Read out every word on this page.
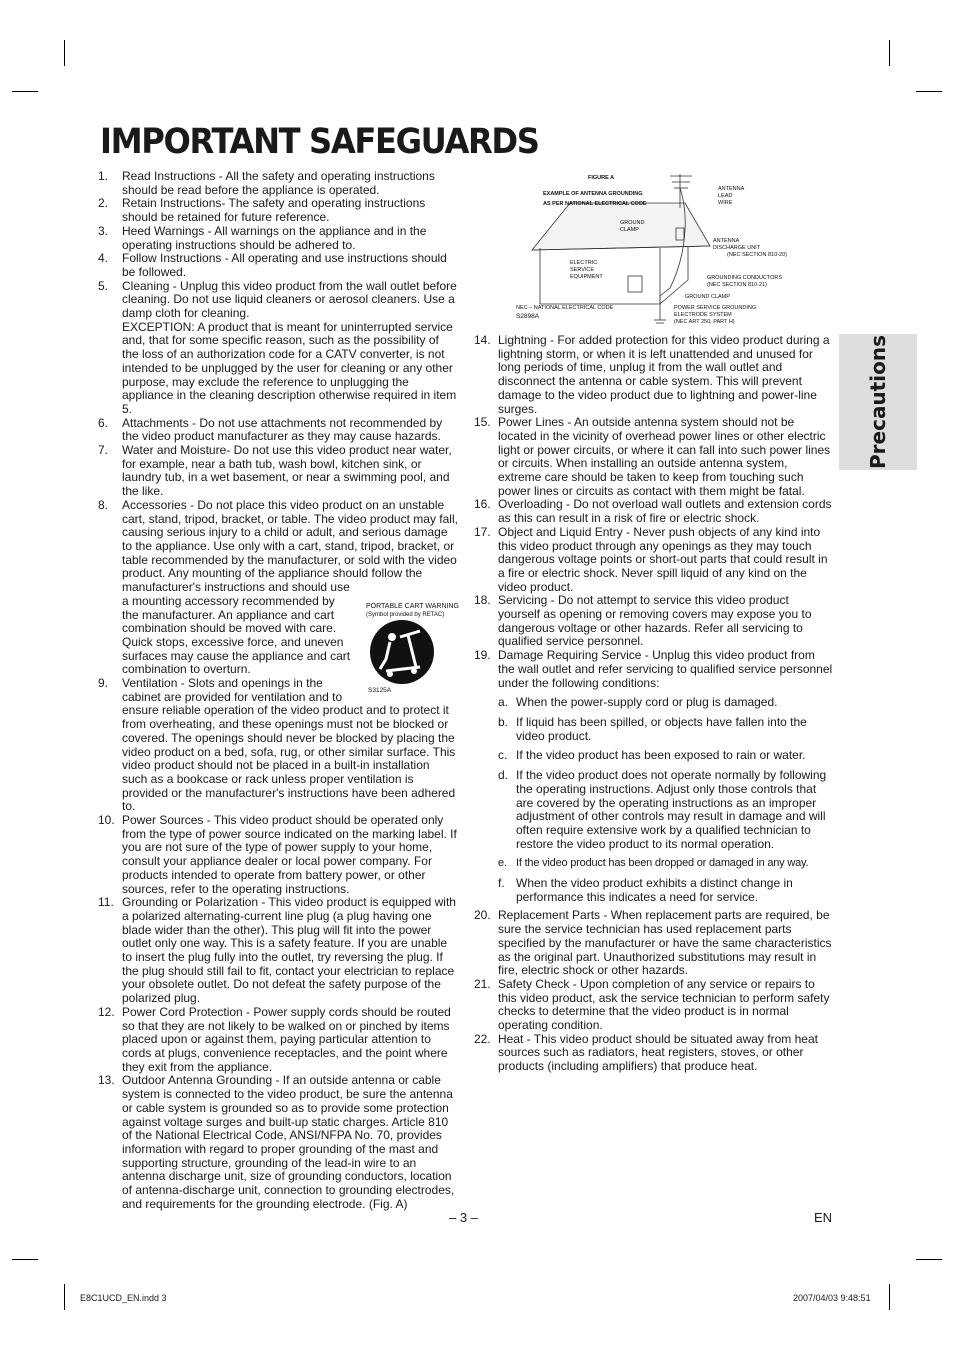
IMPORTANT SAFEGUARDS
Precautions
FIGURE A
EXAMPLE OF ANTENNA GROUNDING
AS PER NATIONAL ELECTRICAL CODE
ANTENNA
LEAD
WIRE
GROUND
CLAMP
ANTENNA
DISCHARGE UNIT
(NEC SECTION 810-20)
ELECTRIC
SERVICE
EQUIPMENT	GROUNDING CONDUCTORS
(NEC SECTION 810-21)
GROUND CLAMP
NEC – NATIONAL ELECTRICAL CODE
S2898A
POWER SERVICE GROUNDING
ELECTRODE SYSTEM
(NEC ART 250, PART H)
PORTABLE CART WARNING
(Symbol provided by RETAC)
S3125A
1. Read Instructions - All the safety and operating instructions should be read before the appliance is operated.

2. Retain Instructions- The safety and operating instructions should be retained for future reference.

3. Heed Warnings - All warnings on the appliance and in the operating instructions should be adhered to.

4. Follow Instructions - All operating and use instructions should be followed.

5. Cleaning - Unplug this video product from the wall outlet before cleaning. Do not use liquid cleaners or aerosol cleaners. Use a damp cloth for cleaning.

EXCEPTION: A product that is meant for uninterrupted service and, that for some specific reason, such as the possibility of the loss of an authorization code for a CATV converter, is not intended to be unplugged by the user for cleaning or any other purpose, may exclude the reference to unplugging the appliance in the cleaning description otherwise required in item 5.

6. Attachments - Do not use attachments not recommended by the video product manufacturer as they may cause hazards.

7. Water and Moisture- Do not use this video product near water, for example, near a bath tub, wash bowl, kitchen sink, or laundry tub, in a wet basement, or near a swimming pool, and the like.

8. Accessories - Do not place this video product on an unstable cart, stand, tripod, bracket, or table. The video product may fall, causing serious injury to a child or adult, and serious damage to the appliance. Use only with a cart, stand, tripod, bracket, or table recommended by the manufacturer, or sold with the video product. Any mounting of the appliance should follow the manufacturer's instructions and should use

a mounting accessory recommended by the manufacturer. An appliance and cart combination should be moved with care. Quick stops, excessive force, and uneven surfaces may cause the appliance and cart combination to overturn.

9. Ventilation - Slots and openings in the cabinet are provided for ventilation and to

ensure reliable operation of the video product and to protect it from overheating, and these openings must not be blocked or covered. The openings should never be blocked by placing the video product on a bed, sofa, rug, or other similar surface. This video product should not be placed in a built-in installation such as a bookcase or rack unless proper ventilation is provided or the manufacturer's instructions have been adhered to.

10. Power Sources - This video product should be operated only from the type of power source indicated on the marking label. If you are not sure of the type of power supply to your home, consult your appliance dealer or local power company. For products intended to operate from battery power, or other sources, refer to the operating instructions.

11. Grounding or Polarization - This video product is equipped with a polarized alternating-current line plug (a plug having one blade wider than the other). This plug will fit into the power outlet only one way. This is a safety feature. If you are unable to insert the plug fully into the outlet, try reversing the plug. If the plug should still fail to fit, contact your electrician to replace your obsolete outlet. Do not defeat the safety purpose of the polarized plug.

12. Power Cord Protection - Power supply cords should be routed so that they are not likely to be walked on or pinched by items placed upon or against them, paying particular attention to cords at plugs, convenience receptacles, and the point where they exit from the appliance.

13. Outdoor Antenna Grounding - If an outside antenna or cable system is connected to the video product, be sure the antenna or cable system is grounded so as to provide some protection against voltage surges and built-up static charges. Article 810 of the National Electrical Code, ANSI/NFPA No. 70, provides information with regard to proper grounding of the mast and supporting structure, grounding of the lead-in wire to an antenna discharge unit, size of grounding conductors, location of antenna-discharge unit, connection to grounding electrodes, and requirements for the grounding electrode. (Fig. A)

14. Lightning - For added protection for this video product during a lightning storm, or when it is left unattended and unused for long periods of time, unplug it from the wall outlet and disconnect the antenna or cable system. This will prevent damage to the video product due to lightning and power-line surges.

15. Power Lines - An outside antenna system should not be located in the vicinity of overhead power lines or other electric light or power circuits, or where it can fall into such power lines or circuits. When installing an outside antenna system, extreme care should be taken to keep from touching such power lines or circuits as contact with them might be fatal.

16. Overloading - Do not overload wall outlets and extension cords as this can result in a risk of fire or electric shock.

17. Object and Liquid Entry - Never push objects of any kind into this video product through any openings as they may touch dangerous voltage points or short-out parts that could result in a fire or electric shock. Never spill liquid of any kind on the video product.

18. Servicing - Do not attempt to service this video product yourself as opening or removing covers may expose you to dangerous voltage or other hazards. Refer all servicing to qualified service personnel.

19. Damage Requiring Service - Unplug this video product from the wall outlet and refer servicing to qualified service personnel under the following conditions:

a. When the power-supply cord or plug is damaged.

b. If liquid has been spilled, or objects have fallen into the video product.

c. If the video product has been exposed to rain or water.

d. If the video product does not operate normally by following the operating instructions. Adjust only those controls that are covered by the operating instructions as an improper adjustment of other controls may result in damage and will often require extensive work by a qualified technician to restore the video product to its normal operation.

e. If the video product has been dropped or damaged in any way.

f. When the video product exhibits a distinct change in performance this indicates a need for service.

20. Replacement Parts - When replacement parts are required, be sure the service technician has used replacement parts specified by the manufacturer or have the same characteristics as the original part. Unauthorized substitutions may result in fire, electric shock or other hazards.

21. Safety Check - Upon completion of any service or repairs to this video product, ask the service technician to perform safety checks to determine that the video product is in normal operating condition.

22. Heat - This video product should be situated away from heat sources such as radiators, heat registers, stoves, or other products (including amplifiers) that produce heat.

– 3 –	EN
E8C1UCD_EN.indd 3	2007/04/03 9:48:51
